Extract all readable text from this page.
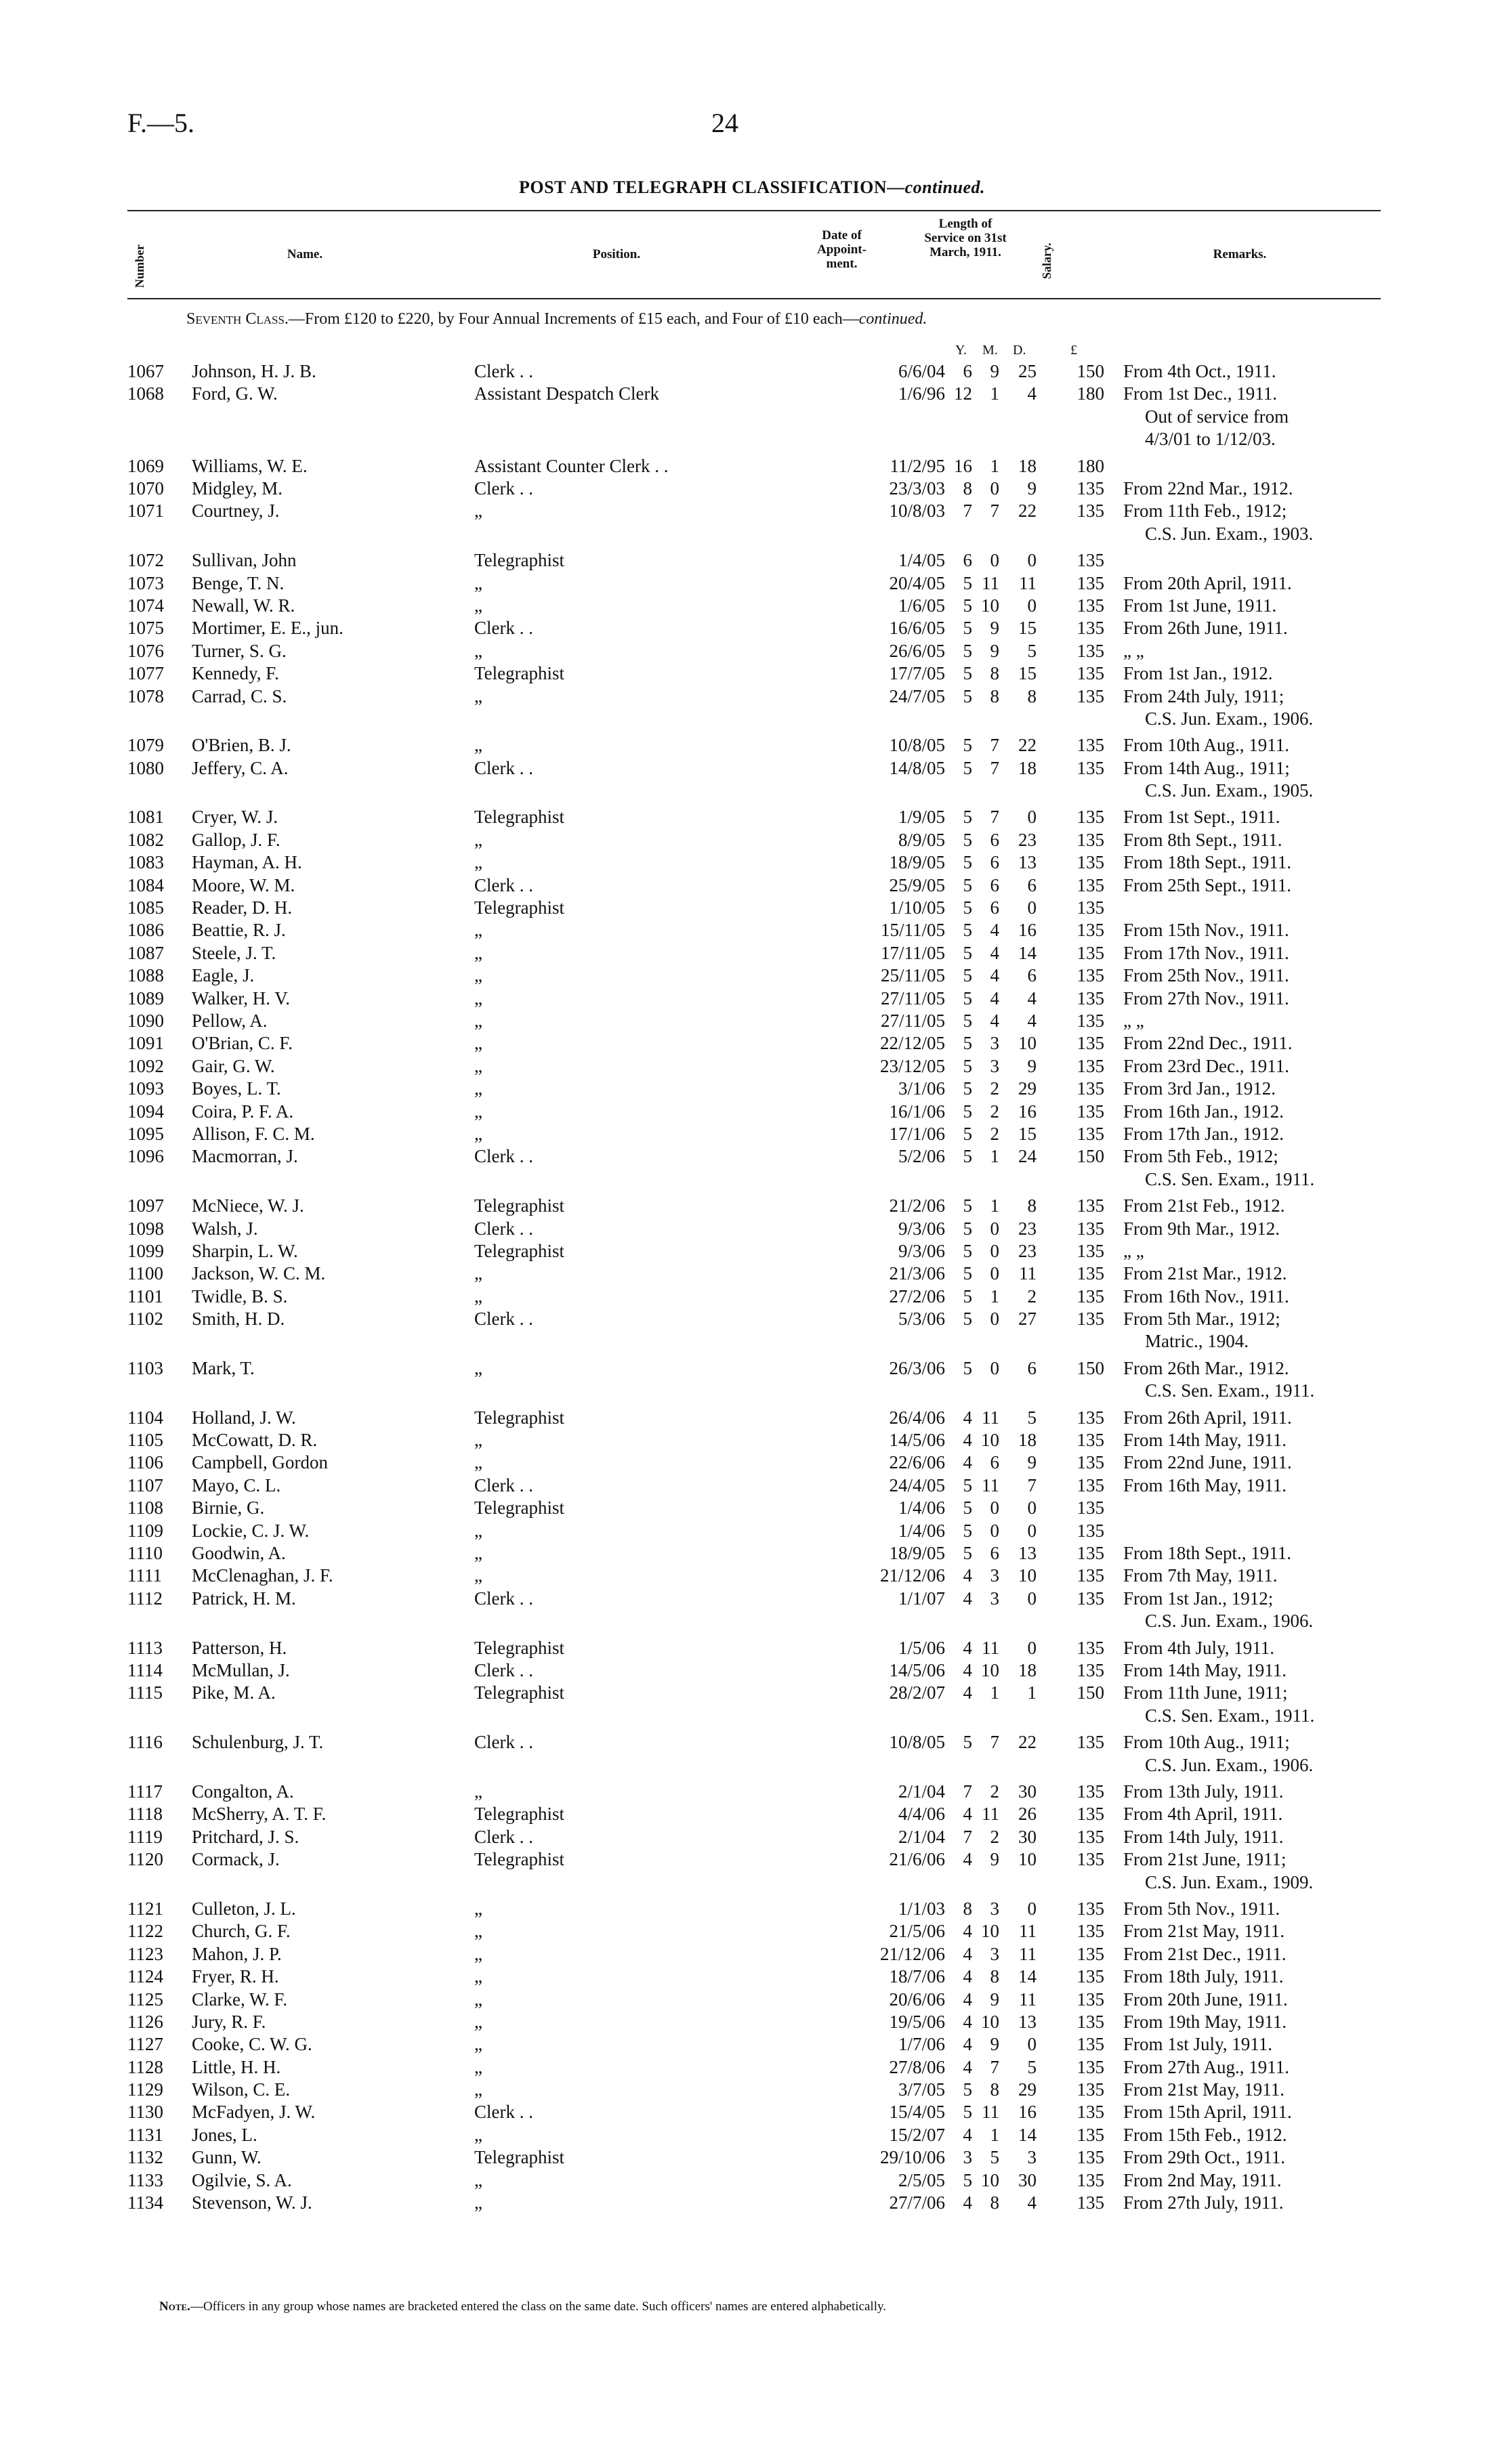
F.—5.	24
POST AND TELEGRAPH CLASSIFICATION—continued.
Number	Name.	Position.
Date of Appoint-ment.
Length of Service on 31st March, 1911.	Salary.	Remarks.
Seventh Class.—From £120 to £220, by Four Annual Increments of £15 each, and Four of £10 each—continued.
Y. M. D.	£
1067 Johnson, H. J. B.	Clerk . .	6/6/04 6 9	25	150 From 4th Oct., 1911.
1068 Ford, G. W.	Assistant Despatch Clerk	1/6/96 12 1	4	180 From 1st Dec., 1911.
Out of service from
4/3/01 to 1/12/03.
1069 Williams, W. E.	Assistant Counter Clerk . .	11/2/95 16 1	18	180
1070 Midgley, M.	Clerk . .	23/3/03 8 0	9	135 From 22nd Mar., 1912.
1071 Courtney, J.	„	10/8/03 7 7	22	135 From 11th Feb., 1912;
C.S. Jun. Exam., 1903.
1072 Sullivan, John	Telegraphist	1/4/05 6 0	0	135
1073 Benge, T. N.	„	20/4/05 5 11	11	135 From 20th April, 1911.
1074 Newall, W. R.	„	1/6/05 5 10	0	135 From 1st June, 1911.
1075 Mortimer, E. E., jun.	Clerk . .	16/6/05 5 9	15	135 From 26th June, 1911.
1076 Turner, S. G.	„	26/6/05 5 9	5	135 „ „
1077 Kennedy, F.	Telegraphist	17/7/05 5 8	15	135 From 1st Jan., 1912.
1078 Carrad, C. S.	„	24/7/05 5 8	8	135 From 24th July, 1911;
C.S. Jun. Exam., 1906.
1079 O'Brien, B. J.	„	10/8/05 5 7	22	135 From 10th Aug., 1911.
1080 Jeffery, C. A.	Clerk . .	14/8/05 5 7	18	135 From 14th Aug., 1911;
C.S. Jun. Exam., 1905.
1081 Cryer, W. J.	Telegraphist	1/9/05 5 7	0	135 From 1st Sept., 1911.
1082 Gallop, J. F.	„	8/9/05 5 6	23	135 From 8th Sept., 1911.
1083 Hayman, A. H.	„	18/9/05 5 6	13	135 From 18th Sept., 1911.
1084 Moore, W. M.	Clerk . .	25/9/05 5 6	6	135 From 25th Sept., 1911.
1085 Reader, D. H.	Telegraphist	1/10/05 5 6	0	135
1086 Beattie, R. J.	„	15/11/05 5 4	16	135 From 15th Nov., 1911.
1087 Steele, J. T.	„	17/11/05 5 4	14	135 From 17th Nov., 1911.
1088 Eagle, J.	„	25/11/05 5 4	6	135 From 25th Nov., 1911.
1089 Walker, H. V.	„	27/11/05 5 4	4	135 From 27th Nov., 1911.
1090 Pellow, A.	„	27/11/05 5 4	4	135 „ „
1091 O'Brian, C. F.	„	22/12/05 5 3	10	135 From 22nd Dec., 1911.
1092 Gair, G. W.	„	23/12/05 5 3	9	135 From 23rd Dec., 1911.
1093 Boyes, L. T.	„	3/1/06 5 2	29	135 From 3rd Jan., 1912.
1094 Coira, P. F. A.	„	16/1/06 5 2	16	135 From 16th Jan., 1912.
1095 Allison, F. C. M.	„	17/1/06 5 2	15	135 From 17th Jan., 1912.
1096 Macmorran, J.	Clerk . .	5/2/06 5 1	24	150 From 5th Feb., 1912;
C.S. Sen. Exam., 1911.
1097 McNiece, W. J.	Telegraphist	21/2/06 5 1	8	135 From 21st Feb., 1912.
1098 Walsh, J.	Clerk . .	9/3/06 5 0	23	135 From 9th Mar., 1912.
1099 Sharpin, L. W.	Telegraphist	9/3/06 5 0	23	135 „ „
1100 Jackson, W. C. M.	„	21/3/06 5 0	11	135 From 21st Mar., 1912.
1101 Twidle, B. S.	„	27/2/06 5 1	2	135 From 16th Nov., 1911.
1102 Smith, H. D.	Clerk . .	5/3/06 5 0	27	135 From 5th Mar., 1912;
Matric., 1904.
1103 Mark, T.	„	26/3/06 5 0	6	150 From 26th Mar., 1912.
C.S. Sen. Exam., 1911.
1104 Holland, J. W.	Telegraphist	26/4/06 4 11	5	135 From 26th April, 1911.
1105 McCowatt, D. R.	„	14/5/06 4 10	18	135 From 14th May, 1911.
1106 Campbell, Gordon	„	22/6/06 4 6	9	135 From 22nd June, 1911.
1107 Mayo, C. L.	Clerk . .	24/4/05 5 11	7	135 From 16th May, 1911.
1108 Birnie, G.	Telegraphist	1/4/06 5 0	0	135
1109 Lockie, C. J. W.	„	1/4/06 5 0	0	135
1110 Goodwin, A.	„	18/9/05 5 6	13	135 From 18th Sept., 1911.
1111 McClenaghan, J. F.	„	21/12/06 4 3	10	135 From 7th May, 1911.
1112 Patrick, H. M.	Clerk . .	1/1/07 4 3	0	135 From 1st Jan., 1912;
C.S. Jun. Exam., 1906.
1113 Patterson, H.	Telegraphist	1/5/06 4 11	0	135 From 4th July, 1911.
1114 McMullan, J.	Clerk . .	14/5/06 4 10	18	135 From 14th May, 1911.
1115 Pike, M. A.	Telegraphist	28/2/07 4 1	1	150 From 11th June, 1911;
C.S. Sen. Exam., 1911.
1116 Schulenburg, J. T.	Clerk . .	10/8/05 5 7	22	135 From 10th Aug., 1911;
C.S. Jun. Exam., 1906.
1117 Congalton, A.	„	2/1/04 7 2	30	135 From 13th July, 1911.
1118 McSherry, A. T. F.	Telegraphist	4/4/06 4 11	26	135 From 4th April, 1911.
1119 Pritchard, J. S.	Clerk . .	2/1/04 7 2	30	135 From 14th July, 1911.
1120 Cormack, J.	Telegraphist	21/6/06 4 9	10	135 From 21st June, 1911;
C.S. Jun. Exam., 1909.
1121 Culleton, J. L.	„	1/1/03 8 3	0	135 From 5th Nov., 1911.
1122 Church, G. F.	„	21/5/06 4 10	11	135 From 21st May, 1911.
1123 Mahon, J. P.	„	21/12/06 4 3	11	135 From 21st Dec., 1911.
1124 Fryer, R. H.	„	18/7/06 4 8	14	135 From 18th July, 1911.
1125 Clarke, W. F.	„	20/6/06 4 9	11	135 From 20th June, 1911.
1126 Jury, R. F.	„	19/5/06 4 10	13	135 From 19th May, 1911.
1127 Cooke, C. W. G.	„	1/7/06 4 9	0	135 From 1st July, 1911.
1128 Little, H. H.	„	27/8/06 4 7	5	135 From 27th Aug., 1911.
1129 Wilson, C. E.	„	3/7/05 5 8	29	135 From 21st May, 1911.
1130 McFadyen, J. W.	Clerk . .	15/4/05 5 11	16	135 From 15th April, 1911.
1131 Jones, L.	„	15/2/07 4 1	14	135 From 15th Feb., 1912.
1132 Gunn, W.	Telegraphist	29/10/06 3 5	3	135 From 29th Oct., 1911.
1133 Ogilvie, S. A.	„	2/5/05 5 10	30	135 From 2nd May, 1911.
1134 Stevenson, W. J.	„	27/7/06 4 8	4	135 From 27th July, 1911.
Note.—Officers in any group whose names are bracketed entered the class on the same date. Such officers' names are entered alphabetically.
